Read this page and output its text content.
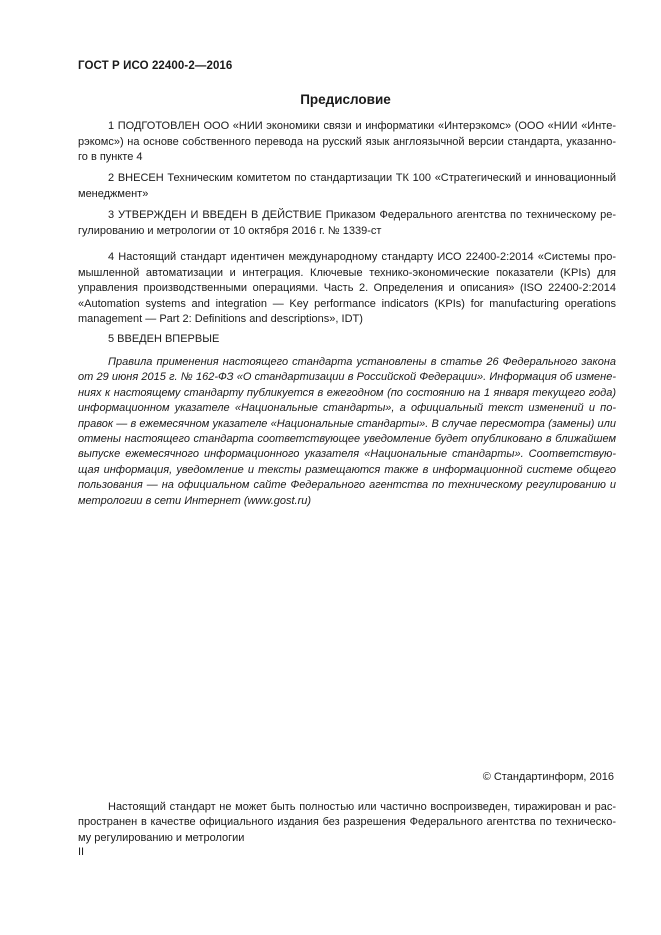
ГОСТ Р ИСО 22400-2—2016
Предисловие
1 ПОДГОТОВЛЕН ООО «НИИ экономики связи и информатики «Интерэкомс» (ООО «НИИ «Инте-
рэкомс») на основе собственного перевода на русский язык англоязычной версии стандарта, указанно-
го в пункте 4
2 ВНЕСЕН Техническим комитетом по стандартизации ТК 100 «Стратегический и инновационный
менеджмент»
3 УТВЕРЖДЕН И ВВЕДЕН В ДЕЙСТВИЕ Приказом Федерального агентства по техническому ре-
гулированию и метрологии от 10 октября 2016 г. № 1339-ст
4 Настоящий стандарт идентичен международному стандарту ИСО 22400-2:2014 «Системы про-
мышленной автоматизации и интеграция. Ключевые технико-экономические показатели (KPIs) для
управления производственными операциями. Часть 2. Определения и описания» (ISO 22400-2:2014
«Automation systems and integration — Key performance indicators (KPIs) for manufacturing operations
management — Part 2: Definitions and descriptions», IDT)
5 ВВЕДЕН ВПЕРВЫЕ
Правила применения настоящего стандарта установлены в статье 26 Федерального закона
от 29 июня 2015 г. № 162-ФЗ «О стандартизации в Российской Федерации». Информация об измене-
ниях к настоящему стандарту публикуется в ежегодном (по состоянию на 1 января текущего года)
информационном указателе «Национальные стандарты», а официальный текст изменений и по-
правок — в ежемесячном указателе «Национальные стандарты». В случае пересмотра (замены) или
отмены настоящего стандарта соответствующее уведомление будет опубликовано в ближайшем
выпуске ежемесячного информационного указателя «Национальные стандарты». Соответствую-
щая информация, уведомление и тексты размещаются также в информационной системе общего
пользования — на официальном сайте Федерального агентства по техническому регулированию и
метрологии в сети Интернет (www.gost.ru)
© Стандартинформ, 2016
Настоящий стандарт не может быть полностью или частично воспроизведен, тиражирован и рас-
пространен в качестве официального издания без разрешения Федерального агентства по техническо-
му регулированию и метрологии
II
